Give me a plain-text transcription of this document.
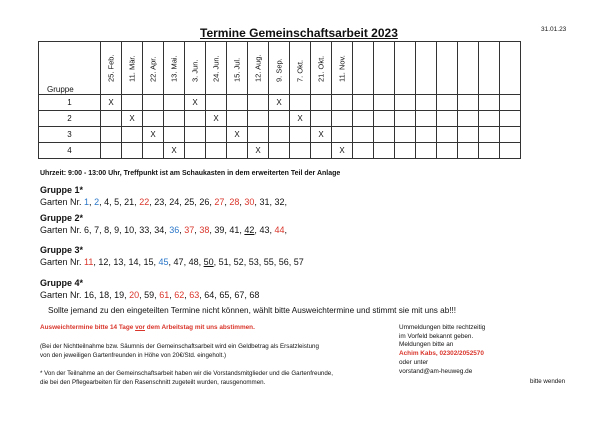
Termine Gemeinschaftsarbeit 2023	31.01.23
Gruppe	25. Feb.	11. Mär.	22. Apr.	13. Mai.	3. Jun.	24. Jun.	15. Jul.	12. Aug.	9. Sep.	7. Okt.	21. Okt.	11. Nov.								

1	X				X				X											
2		X				X				X										
3			X				X				X									
4				X				X				X								
Uhrzeit: 9:00 - 13:00 Uhr, Treffpunkt ist am Schaukasten in dem erweiterten Teil der Anlage
Gruppe 1*
Garten Nr. 1, 2, 4, 5, 21, 22, 23, 24, 25, 26, 27, 28, 30, 31, 32,
Gruppe 2*
Garten Nr. 6, 7, 8, 9, 10, 33, 34, 36, 37, 38, 39, 41, 42, 43, 44,
Gruppe 3*
Garten Nr. 11, 12, 13, 14, 15, 45, 47, 48, 50, 51, 52, 53, 55, 56, 57
Gruppe 4*
Garten Nr. 16, 18, 19, 20, 59, 61, 62, 63, 64, 65, 67, 68
Sollte jemand zu den eingeteilten Termine nicht können, wählt bitte Ausweichtermine und stimmt sie mit uns ab!!!
Ausweichtermine bitte 14 Tage vor dem Arbeitstag mit uns abstimmen.
(Bei der Nichtteilnahme bzw. Säumnis der Gemeinschaftsarbeit wird ein Geldbetrag als Ersatzleistung
von den jeweiligen Gartenfreunden in Höhe von 20€/Std. eingeholt.)
* Von der Teilnahme an der Gemeinschaftsarbeit haben wir die Vorstandsmitglieder und die Gartenfreunde,
die bei den Pflegearbeiten für den Rasenschnitt zugeteilt wurden, rausgenommen.
Ummeldungen bitte rechtzeitig
im Vorfeld bekannt geben.
Meldungen bitte an
Achim Kabs, 02302/2052570
oder unter
vorstand@am-heuweg.de
bitte wenden
